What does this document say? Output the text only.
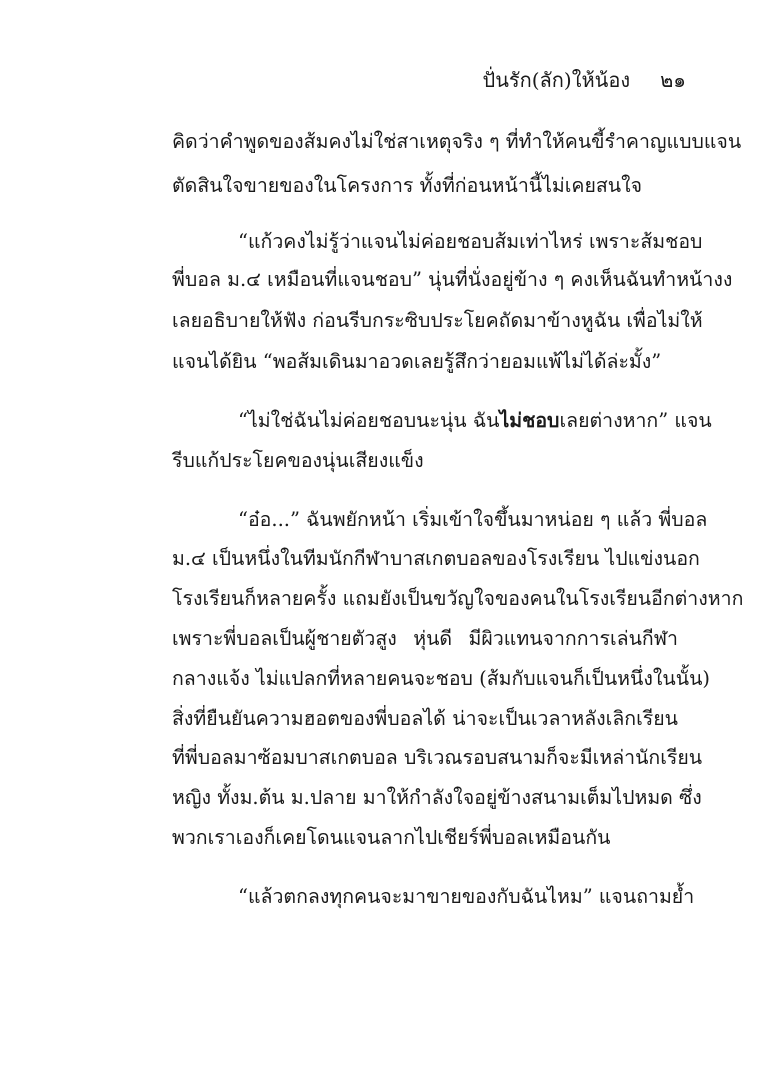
ปั่นรัก(ลัก)ให้น้อง ๒๑
คิดว่าคำพูดของส้มคงไม่ใช่สาเหตุจริง ๆ ที่ทำให้คนขี้รำคาญแบบแจน
ตัดสินใจขายของในโครงการ ทั้งที่ก่อนหน้านี้ไม่เคยสนใจ
“แก้วคงไม่รู้ว่าแจนไม่ค่อยชอบส้มเท่าไหร่ เพราะส้มชอบ
พี่บอล ม.๔ เหมือนที่แจนชอบ” นุ่นที่นั่งอยู่ข้าง ๆ คงเห็นฉันทำหน้างง
เลยอธิบายให้ฟัง ก่อนรีบกระซิบประโยคถัดมาข้างหูฉัน เพื่อไม่ให้
แจนได้ยิน “พอส้มเดินมาอวดเลยรู้สึกว่ายอมแพ้ไม่ได้ล่ะมั้ง”
“ไม่ใช่ฉันไม่ค่อยชอบนะนุ่น ฉันไม่ชอบเลยต่างหาก” แจน
รีบแก้ประโยคของนุ่นเสียงแข็ง
“อ๋อ...” ฉันพยักหน้า เริ่มเข้าใจขึ้นมาหน่อย ๆ แล้ว พี่บอล
ม.๔ เป็นหนึ่งในทีมนักกีฬาบาสเกตบอลของโรงเรียน ไปแข่งนอก
โรงเรียนก็หลายครั้ง แถมยังเป็นขวัญใจของคนในโรงเรียนอีกต่างหาก
เพราะพี่บอลเป็นผู้ชายตัวสูง หุ่นดี มีผิวแทนจากการเล่นกีฬา
กลางแจ้ง ไม่แปลกที่หลายคนจะชอบ (ส้มกับแจนก็เป็นหนึ่งในนั้น)
สิ่งที่ยืนยันความฮอตของพี่บอลได้ น่าจะเป็นเวลาหลังเลิกเรียน
ที่พี่บอลมาซ้อมบาสเกตบอล บริเวณรอบสนามก็จะมีเหล่านักเรียน
หญิง ทั้งม.ต้น ม.ปลาย มาให้กำลังใจอยู่ข้างสนามเต็มไปหมด ซึ่ง
พวกเราเองก็เคยโดนแจนลากไปเชียร์พี่บอลเหมือนกัน
“แล้วตกลงทุกคนจะมาขายของกับฉันไหม” แจนถามย้ำ
